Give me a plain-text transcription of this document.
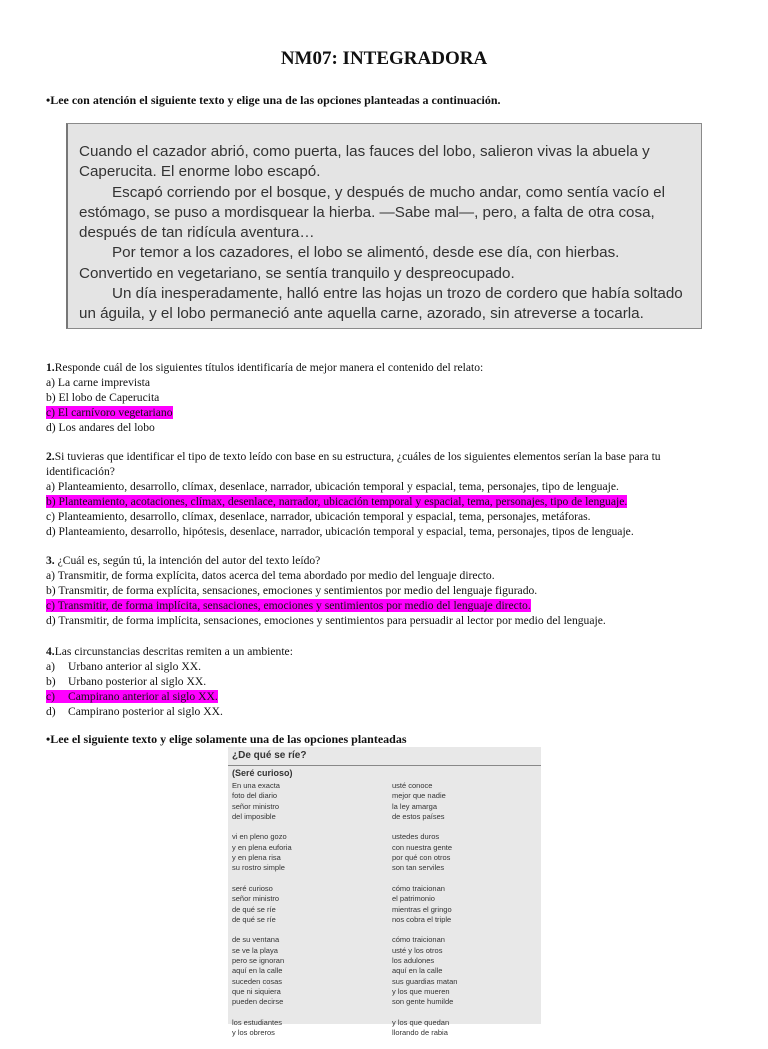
NM07: INTEGRADORA
•Lee con atención el siguiente texto y elige una de las opciones planteadas a continuación.

Cuando el cazador abrió, como puerta, las fauces del lobo, salieron vivas la abuela y Caperucita. El enorme lobo escapó.

Escapó corriendo por el bosque, y después de mucho andar, como sentía vacío el estómago, se puso a mordisquear la hierba. —Sabe mal—, pero, a falta de otra cosa, después de tan ridícula aventura…

Por temor a los cazadores, el lobo se alimentó, desde ese día, con hierbas. Convertido en vegetariano, se sentía tranquilo y despreocupado.

Un día inesperadamente, halló entre las hojas un trozo de cordero que había soltado un águila, y el lobo permaneció ante aquella carne, azorado, sin atreverse a tocarla.

1.Responde cuál de los siguientes títulos identificaría de mejor manera el contenido del relato:
a) La carne imprevista
b) El lobo de Caperucita
c) El carnívoro vegetariano
d) Los andares del lobo
2.Si tuvieras que identificar el tipo de texto leído con base en su estructura, ¿cuáles de los siguientes elementos serían la base para tu identificación?
a) Planteamiento, desarrollo, clímax, desenlace, narrador, ubicación temporal y espacial, tema, personajes, tipo de lenguaje.
b) Planteamiento, acotaciones, clímax, desenlace, narrador, ubicación temporal y espacial, tema, personajes, tipo de lenguaje.
c) Planteamiento, desarrollo, clímax, desenlace, narrador, ubicación temporal y espacial, tema, personajes, metáforas.
d) Planteamiento, desarrollo, hipótesis, desenlace, narrador, ubicación temporal y espacial, tema, personajes, tipos de lenguaje.
3. ¿Cuál es, según tú, la intención del autor del texto leído?
a) Transmitir, de forma explícita, datos acerca del tema abordado por medio del lenguaje directo.
b) Transmitir, de forma explícita, sensaciones, emociones y sentimientos por medio del lenguaje figurado.
c) Transmitir, de forma implícita, sensaciones, emociones y sentimientos por medio del lenguaje directo.
d) Transmitir, de forma implícita, sensaciones, emociones y sentimientos para persuadir al lector por medio del lenguaje.
4.Las circunstancias descritas remiten a un ambiente:
a) Urbano anterior al siglo XX.
b) Urbano posterior al siglo XX.
c) Campirano anterior al siglo XX.
d) Campirano posterior al siglo XX.
•Lee el siguiente texto y elige solamente una de las opciones planteadas
¿De qué se ríe?
(Seré curioso)

En una exacta
foto del diario
señor ministro
del imposible

vi en pleno gozo
y en plena euforia
y en plena risa
su rostro simple

seré curioso
señor ministro
de qué se ríe
de qué se ríe

de su ventana
se ve la playa
pero se ignoran
aquí en la calle
suceden cosas
que ni siquiera
pueden decirse

los estudiantes
y los obreros

usté conoce
mejor que nadie
la ley amarga
de estos países

ustedes duros
con nuestra gente
por qué con otros
son tan serviles

cómo traicionan
el patrimonio
mientras el gringo
nos cobra el triple

cómo traicionan
usté y los otros
los adulones
aquí en la calle
sus guardias matan
y los que mueren
son gente humilde

y los que quedan
llorando de rabia
